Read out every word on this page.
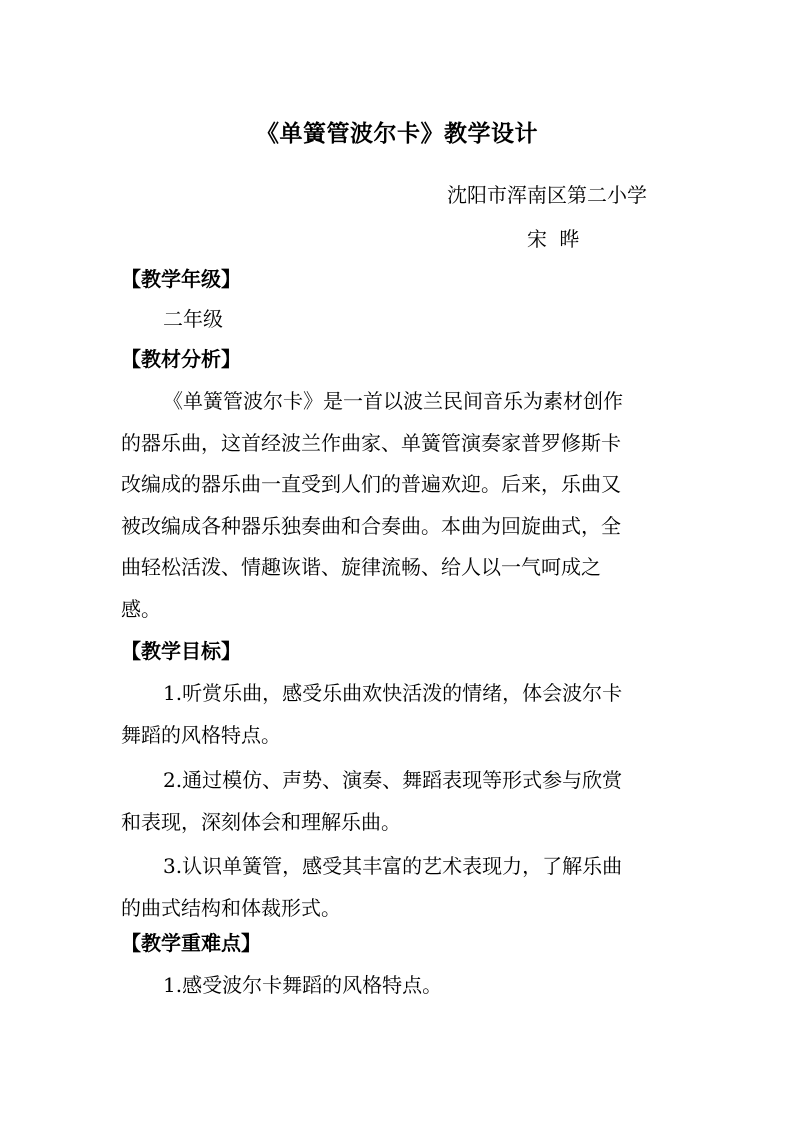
《单簧管波尔卡》教学设计
沈阳市浑南区第二小学
宋 晔
【教学年级】
二年级
【教材分析】
《单簧管波尔卡》是一首以波兰民间音乐为素材创作
的器乐曲，这首经波兰作曲家、单簧管演奏家普罗修斯卡
改编成的器乐曲一直受到人们的普遍欢迎。后来，乐曲又
被改编成各种器乐独奏曲和合奏曲。本曲为回旋曲式，全
曲轻松活泼、情趣诙谐、旋律流畅、给人以一气呵成之
感。
【教学目标】
1.听赏乐曲，感受乐曲欢快活泼的情绪，体会波尔卡
舞蹈的风格特点。
2.通过模仿、声势、演奏、舞蹈表现等形式参与欣赏
和表现，深刻体会和理解乐曲。
3.认识单簧管，感受其丰富的艺术表现力，了解乐曲
的曲式结构和体裁形式。
【教学重难点】
1.感受波尔卡舞蹈的风格特点。
